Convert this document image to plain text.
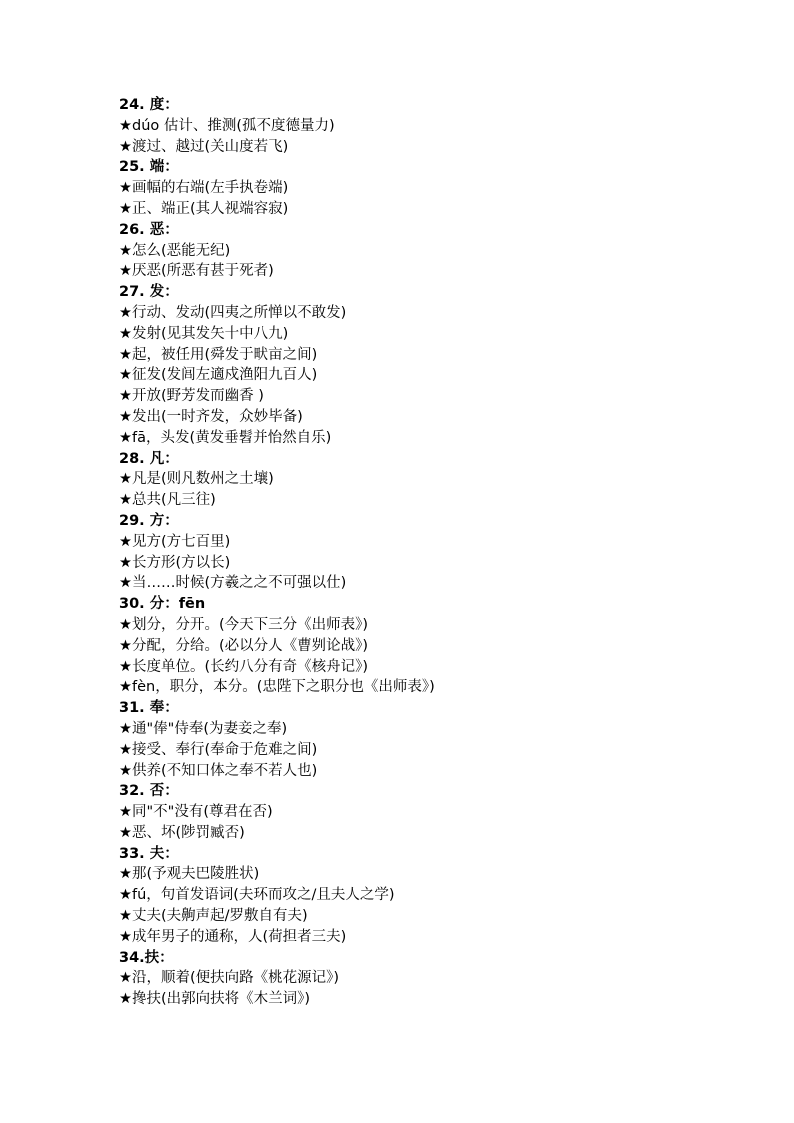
24. 度：
★dúo 估计、推测(孤不度德量力)
★渡过、越过(关山度若飞)
25. 端：
★画幅的右端(左手执卷端)
★正、端正(其人视端容寂)
26. 恶：
★怎么(恶能无纪)
★厌恶(所恶有甚于死者)
27. 发：
★行动、发动(四夷之所惮以不敢发)
★发射(见其发矢十中八九)
★起，被任用(舜发于畎亩之间)
★征发(发闾左適戍渔阳九百人)
★开放(野芳发而幽香 )
★发出(一时齐发，众妙毕备)
★fā，头发(黄发垂髫并怡然自乐)
28. 凡：
★凡是(则凡数州之土壤)
★总共(凡三往)
29. 方：
★见方(方七百里)
★长方形(方以长)
★当……时候(方羲之之不可强以仕)
30. 分：fēn
★划分，分开。(今天下三分《出师表》)
★分配，分给。(必以分人《曹刿论战》)
★长度单位。(长约八分有奇《核舟记》)
★fèn，职分，本分。(忠陛下之职分也《出师表》)
31. 奉：
★通"俸"侍奉(为妻妾之奉)
★接受、奉行(奉命于危难之间)
★供养(不知口体之奉不若人也)
32. 否：
★同"不"没有(尊君在否)
★恶、坏(陟罚臧否)
33. 夫：
★那(予观夫巴陵胜状)
★fú，句首发语词(夫环而攻之/且夫人之学)
★丈夫(夫齁声起/罗敷自有夫)
★成年男子的通称，人(荷担者三夫)
34.扶：
★沿，顺着(便扶向路《桃花源记》)
★搀扶(出郭向扶将《木兰词》)
